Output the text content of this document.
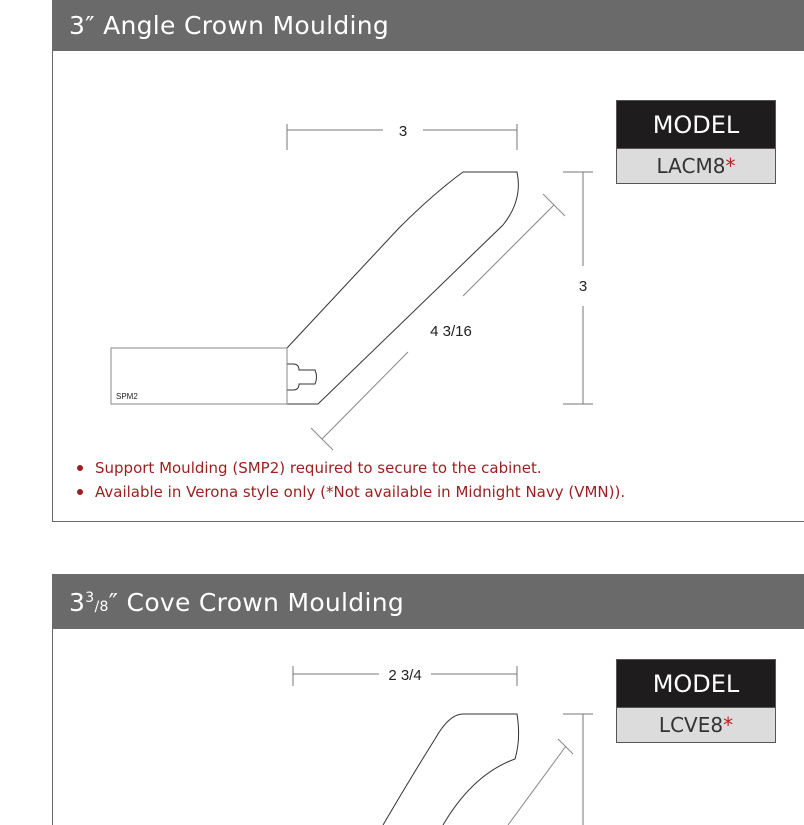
3″ Angle Crown Moulding
3
3
4 3/16
SPM2
MODEL
LACM8*
Support Moulding (SMP2) required to secure to the cabinet.
Available in Verona style only (*Not available in Midnight Navy (VMN)).
33/8″ Cove Crown Moulding
2 3/4	MODEL
LCVE8*
